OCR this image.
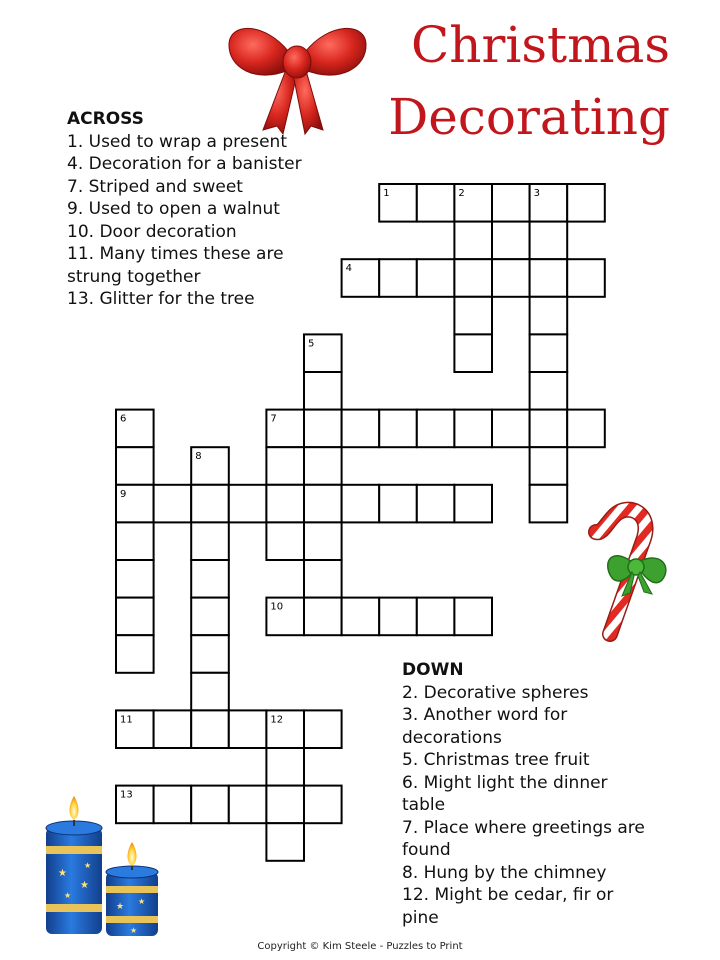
Christmas
Decorating
ACROSS
1. Used to wrap a present
4. Decoration for a banister
7. Striped and sweet
9. Used to open a walnut
10. Door decoration
11. Many times these are strung together
13. Glitter for the tree
1	2	3
4
5
6	7
8
9
10
11	12
13
DOWN
2. Decorative spheres
3. Another word for decorations
5. Christmas tree fruit
6. Might light the dinner table
7. Place where greetings are found
8. Hung by the chimney
12. Might be cedar, fir or pine
★
★
★
★
★
★
★
Copyright © Kim Steele - Puzzles to Print
